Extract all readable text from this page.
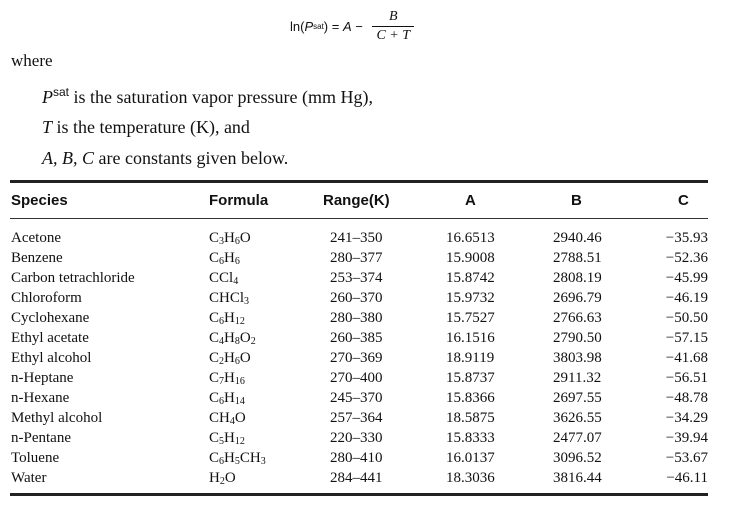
ln( P sat ) = $A - \frac{B}{C + T}$
where
$P^{sat}$ is the saturation vapor pressure (mm Hg),
T is the temperature (K), and
A, B, C are constants given below.
Species	Formula	Range(K)	A	B	C
Acetone	$C_3H_6O$	241–350	16.6513	2940.46	−35.93
Benzene	$C_6H_6$	280–377	15.9008	2788.51	−52.36
Carbon tetrachloride	CCl$_4$	253–374	15.8742	2808.19	−45.99
Chloroform	CHCl$_3$	260–370	15.9732	2696.79	−46.19
Cyclohexane	$C_6H_{12}$	280–380	15.7527	2766.63	−50.50
Ethyl acetate	$C_4H_8O_2$	260–385	16.1516	2790.50	−57.15
Ethyl alcohol	$C_2H_6O$	270–369	18.9119	3803.98	−41.68
n-Heptane	$C_7H_{16}$	270–400	15.8737	2911.32	−56.51
n-Hexane	$C_6H_{14}$	245–370	15.8366	2697.55	−48.78
Methyl alcohol	$CH_4O$	257–364	18.5875	3626.55	−34.29
n-Pentane	$C_5H_{12}$	220–330	15.8333	2477.07	−39.94
Toluene	$C_6H_5CH_3$	280–410	16.0137	3096.52	−53.67
Water	$H_2O$	284–441	18.3036	3816.44	−46.11
